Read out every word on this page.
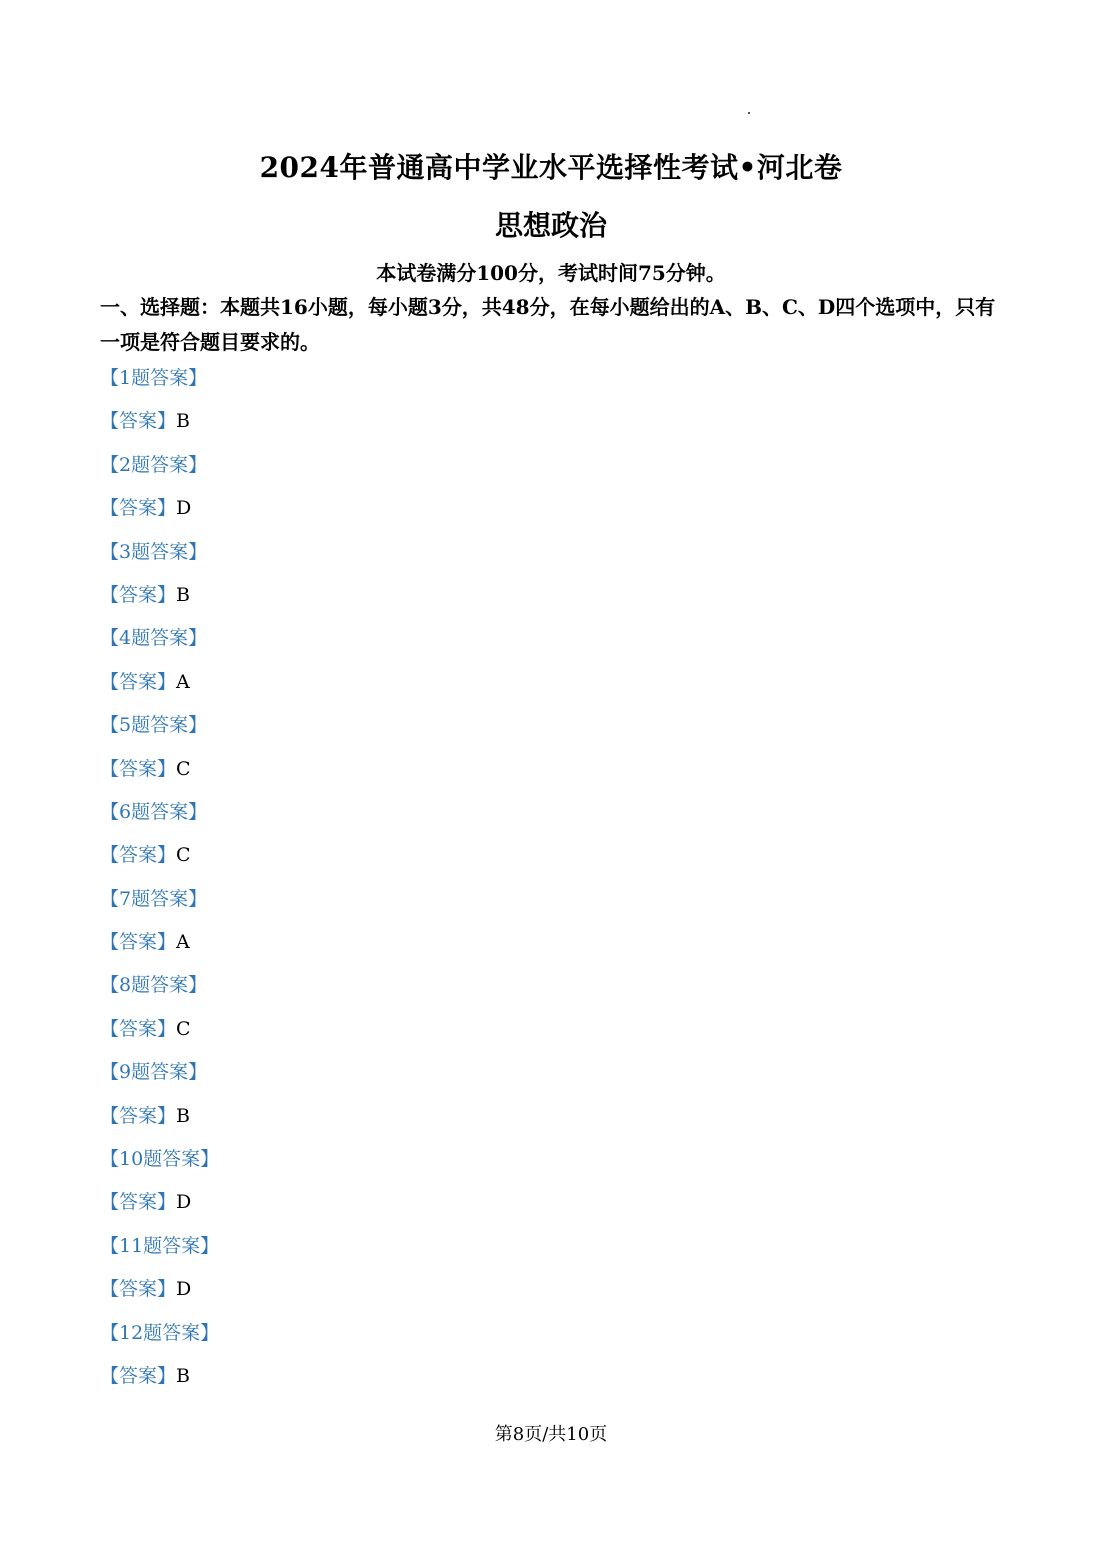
2024年普通高中学业水平选择性考试•河北卷
思想政治
本试卷满分100分，考试时间75分钟。
一、选择题：本题共16小题，每小题3分，共48分，在每小题给出的A、B、C、D四个选项中，只有一项是符合题目要求的。
【1题答案】
【答案】B
【2题答案】
【答案】D
【3题答案】
【答案】B
【4题答案】
【答案】A
【5题答案】
【答案】C
【6题答案】
【答案】C
【7题答案】
【答案】A
【8题答案】
【答案】C
【9题答案】
【答案】B
【10题答案】
【答案】D
【11题答案】
【答案】D
【12题答案】
【答案】B
第8页/共10页
